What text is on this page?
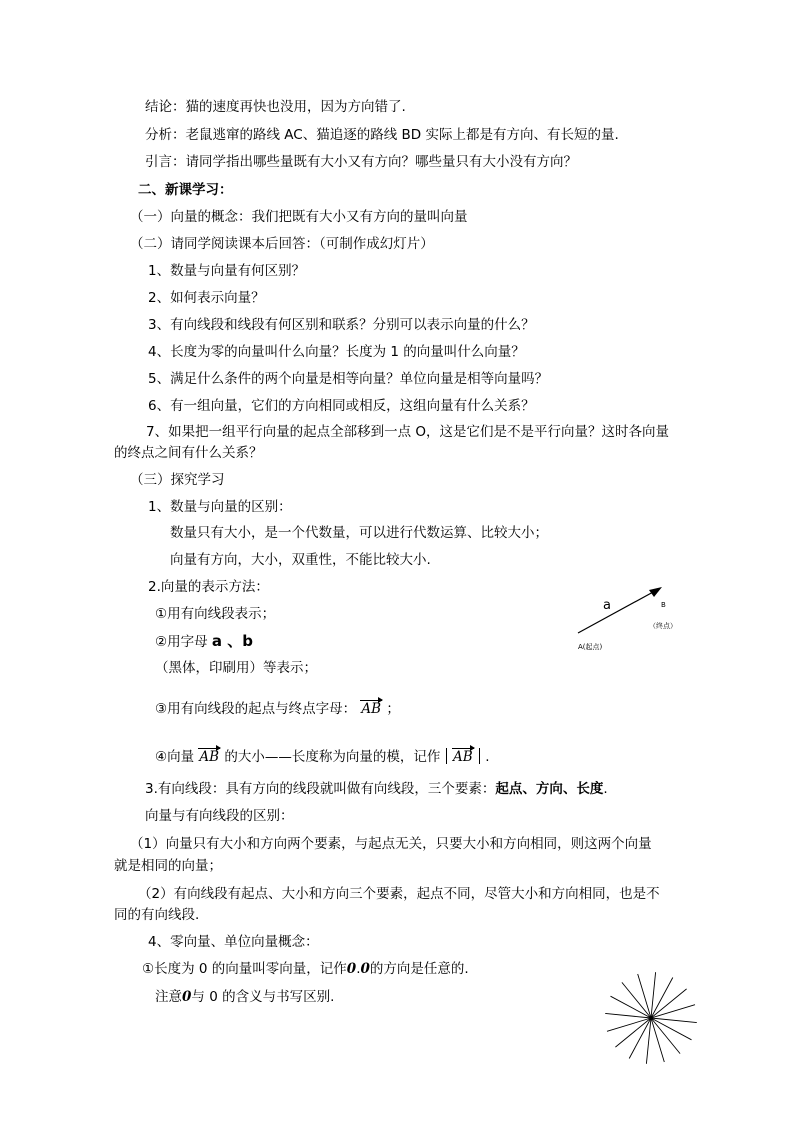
结论：猫的速度再快也没用，因为方向错了.
分析：老鼠逃窜的路线 AC、猫追逐的路线 BD 实际上都是有方向、有长短的量.
引言：请同学指出哪些量既有大小又有方向？哪些量只有大小没有方向？
二、新课学习：
（一）向量的概念：我们把既有大小又有方向的量叫向量
（二）请同学阅读课本后回答：（可制作成幻灯片）
1、数量与向量有何区别？
2、如何表示向量？
3、有向线段和线段有何区别和联系？分别可以表示向量的什么？
4、长度为零的向量叫什么向量？长度为 1 的向量叫什么向量？
5、满足什么条件的两个向量是相等向量？单位向量是相等向量吗？
6、有一组向量，它们的方向相同或相反，这组向量有什么关系？
7、如果把一组平行向量的起点全部移到一点 O，这是它们是不是平行向量？这时各向量
的终点之间有什么关系？
（三）探究学习
1、数量与向量的区别：
数量只有大小，是一个代数量，可以进行代数运算、比较大小；
向量有方向，大小，双重性，不能比较大小.
2.向量的表示方法：
①用有向线段表示；
②用字母 a 、b
（黑体，印刷用）等表示；
③用有向线段的起点与终点字母： AB ；
④向量 AB 的大小——长度称为向量的模，记作 AB .
3.有向线段：具有方向的线段就叫做有向线段，三个要素：起点、方向、长度.
向量与有向线段的区别：
（1）向量只有大小和方向两个要素，与起点无关，只要大小和方向相同，则这两个向量
就是相同的向量；
（2）有向线段有起点、大小和方向三个要素，起点不同，尽管大小和方向相同，也是不
同的有向线段.
4、零向量、单位向量概念：
①长度为 0 的向量叫零向量，记作0.0的方向是任意的.
注意0与 0 的含义与书写区别.
a	B
（终点）
A(起点)
